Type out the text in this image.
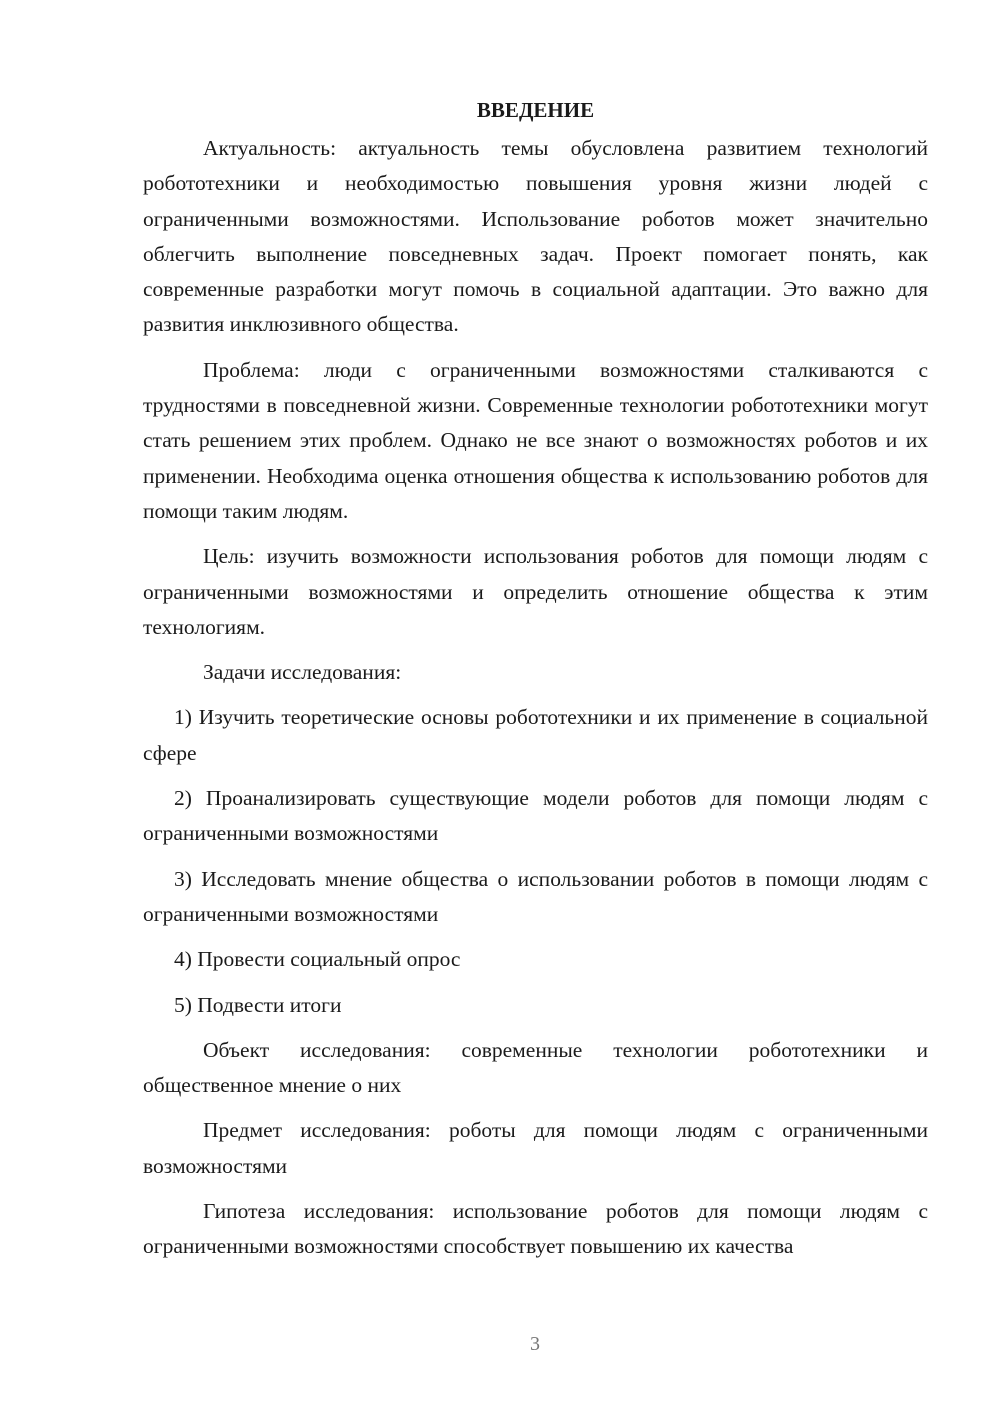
ВВЕДЕНИЕ

Актуальность: актуальность темы обусловлена развитием технологий робототехники и необходимостью повышения уровня жизни людей с ограниченными возможностями. Использование роботов может значительно облегчить выполнение повседневных задач. Проект помогает понять, как современные разработки могут помочь в социальной адаптации. Это важно для развития инклюзивного общества.

Проблема: люди с ограниченными возможностями сталкиваются с трудностями в повседневной жизни. Современные технологии робототехники могут стать решением этих проблем. Однако не все знают о возможностях роботов и их применении. Необходима оценка отношения общества к использованию роботов для помощи таким людям.

Цель: изучить возможности использования роботов для помощи людям с ограниченными возможностями и определить отношение общества к этим технологиям.

Задачи исследования:

1) Изучить теоретические основы робототехники и их применение в социальной сфере

2) Проанализировать существующие модели роботов для помощи людям с ограниченными возможностями

3) Исследовать мнение общества о использовании роботов в помощи людям с ограниченными возможностями

4) Провести социальный опрос

5) Подвести итоги

Объект исследования: современные технологии робототехники и общественное мнение о них

Предмет исследования: роботы для помощи людям с ограниченными возможностями

Гипотеза исследования: использование роботов для помощи людям с ограниченными возможностями способствует повышению их качества

3
